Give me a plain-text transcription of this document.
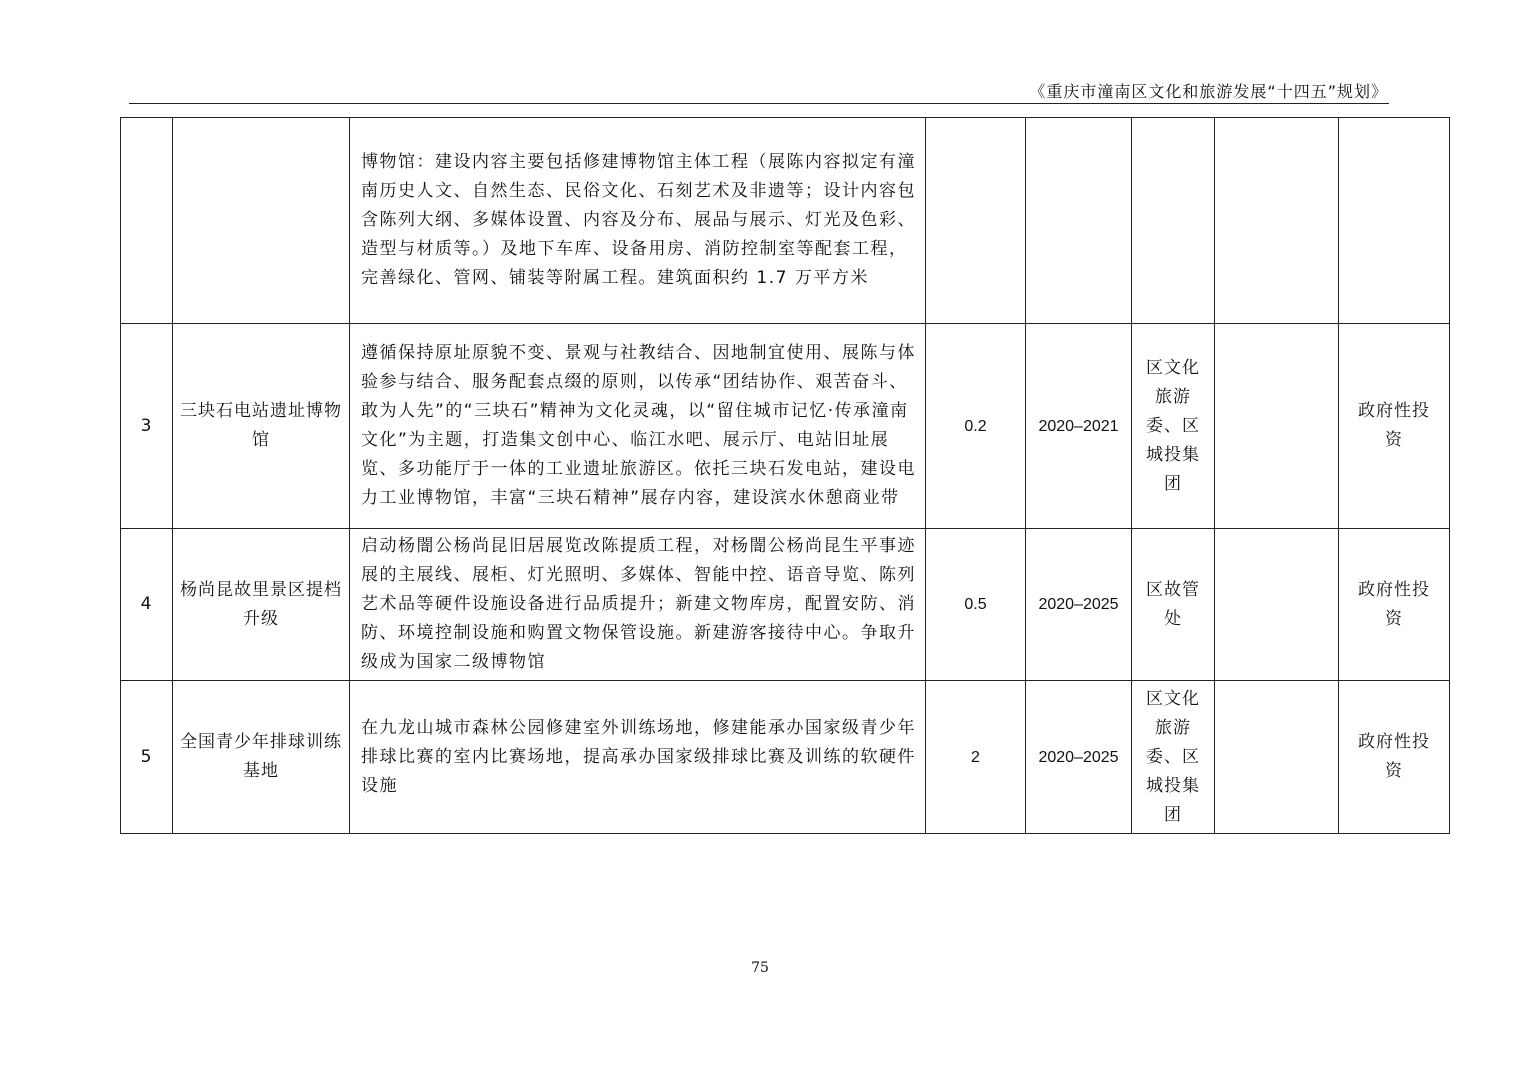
《重庆市潼南区文化和旅游发展“十四五”规划》
		博物馆：建设内容主要包括修建博物馆主体工程（展陈内容拟定有潼南历史人文、自然生态、民俗文化、石刻艺术及非遗等；设计内容包含陈列大纲、多媒体设置、内容及分布、展品与展示、灯光及色彩、造型与材质等。）及地下车库、设备用房、消防控制室等配套工程，完善绿化、管网、铺装等附属工程。建筑面积约 1.7 万平方米					
3	三块石电站遗址博物馆	遵循保持原址原貌不变、景观与社教结合、因地制宜使用、展陈与体验参与结合、服务配套点缀的原则，以传承“团结协作、艰苦奋斗、敢为人先”的“三块石”精神为文化灵魂，以“留住城市记忆·传承潼南文化”为主题，打造集文创中心、临江水吧、展示厅、电站旧址展览、多功能厅于一体的工业遗址旅游区。依托三块石发电站，建设电力工业博物馆，丰富“三块石精神”展存内容，建设滨水休憩商业带	0.2	2020–2021	区文化旅游委、区城投集团		政府性投资
4	杨尚昆故里景区提档升级	启动杨闇公杨尚昆旧居展览改陈提质工程，对杨闇公杨尚昆生平事迹展的主展线、展柜、灯光照明、多媒体、智能中控、语音导览、陈列艺术品等硬件设施设备进行品质提升；新建文物库房，配置安防、消防、环境控制设施和购置文物保管设施。新建游客接待中心。争取升级成为国家二级博物馆	0.5	2020–2025	区故管处		政府性投资
5	全国青少年排球训练基地	在九龙山城市森林公园修建室外训练场地，修建能承办国家级青少年排球比赛的室内比赛场地，提高承办国家级排球比赛及训练的软硬件设施	2	2020–2025	区文化旅游委、区城投集团		政府性投资
75
